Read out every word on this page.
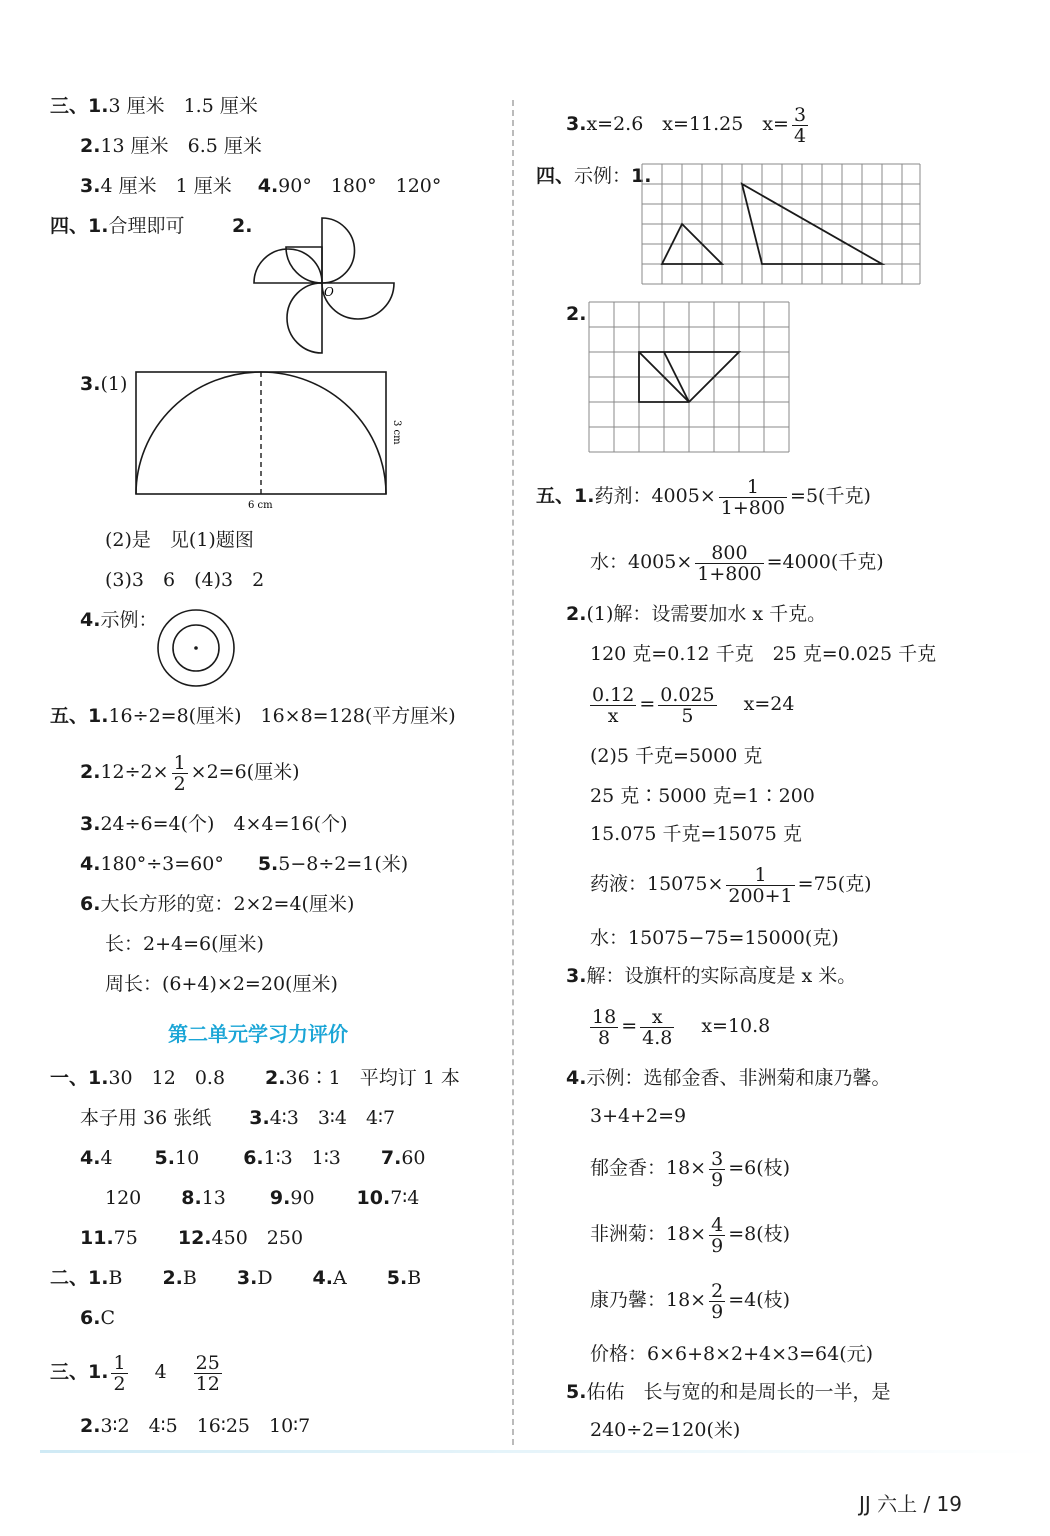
三、1.3 厘米　1.5 厘米
2.13 厘米　6.5 厘米
3.4 厘米　1 厘米 4.90°　180°　120°
四、1.合理即可	2.
O
3.(1)
6 cm
3 cm
(2)是　见(1)题图
(3)3　6　(4)3　2
4.示例：
五、1.16÷2=8(厘米)　16×8=128(平方厘米)
$2.12\div 2\times \frac{1}{2} \times 2=6$(厘米)
3.24÷6=4(个)　4×4=16(个)
4.180°÷3=60° 5.5−8÷2=1(米)
6.大长方形的宽：2×2=4(厘米)
长：2+4=6(厘米)
周长：(6+4)×2=20(厘米)
第二单元学习力评价
一、1.30　12　0.8 2.36∶1　平均订 1 本
本子用 36 张纸 3.4∶3　3∶4　4∶7
4.4 5.10 6.1∶3　1∶3 7.60
120 8.13 9.90 10.7∶4
11.75 12.450　250
二、1.B 2.B 3.D 4.A 5.B
6.C
三、1. $\frac{1}{2} 4 \frac{25}{12}$
2.3∶2　4∶5　16∶25　10∶7
3.x=2.6　x=11.25　$x= \frac{3}{4}$
四、示例：1.
2.
五、1.药剂：$4005\times \frac{1}{1+800} =5$(千克)
水：$4005\times \frac{800}{1+800} =4000$(千克)
2.(1)解：设需要加水 x 千克。
120 克=0.12 千克　25 克=0.025 千克
$\frac{0.12}{x} = \frac{0.025}{5} x=24$
(2)5 千克=5000 克
25 克∶5000 克=1∶200
15.075 千克=15075 克
药液：$15075\times \frac{1}{200+1} =75$(克)
水：15075−75=15000(克)
3.解：设旗杆的实际高度是 x 米。
$\frac{18}{8} = \frac{x}{4.8} x=10.8$
4.示例：选郁金香、非洲菊和康乃馨。
3+4+2=9
郁金香：$18\times \frac{3}{9} =6$(枝)
非洲菊：$18\times \frac{4}{9} =8$(枝)
康乃馨：$18\times \frac{2}{9} =4$(枝)
价格：6×6+8×2+4×3=64(元)
5.佑佑　长与宽的和是周长的一半，是
240÷2=120(米)
JJ 六上 / 19
